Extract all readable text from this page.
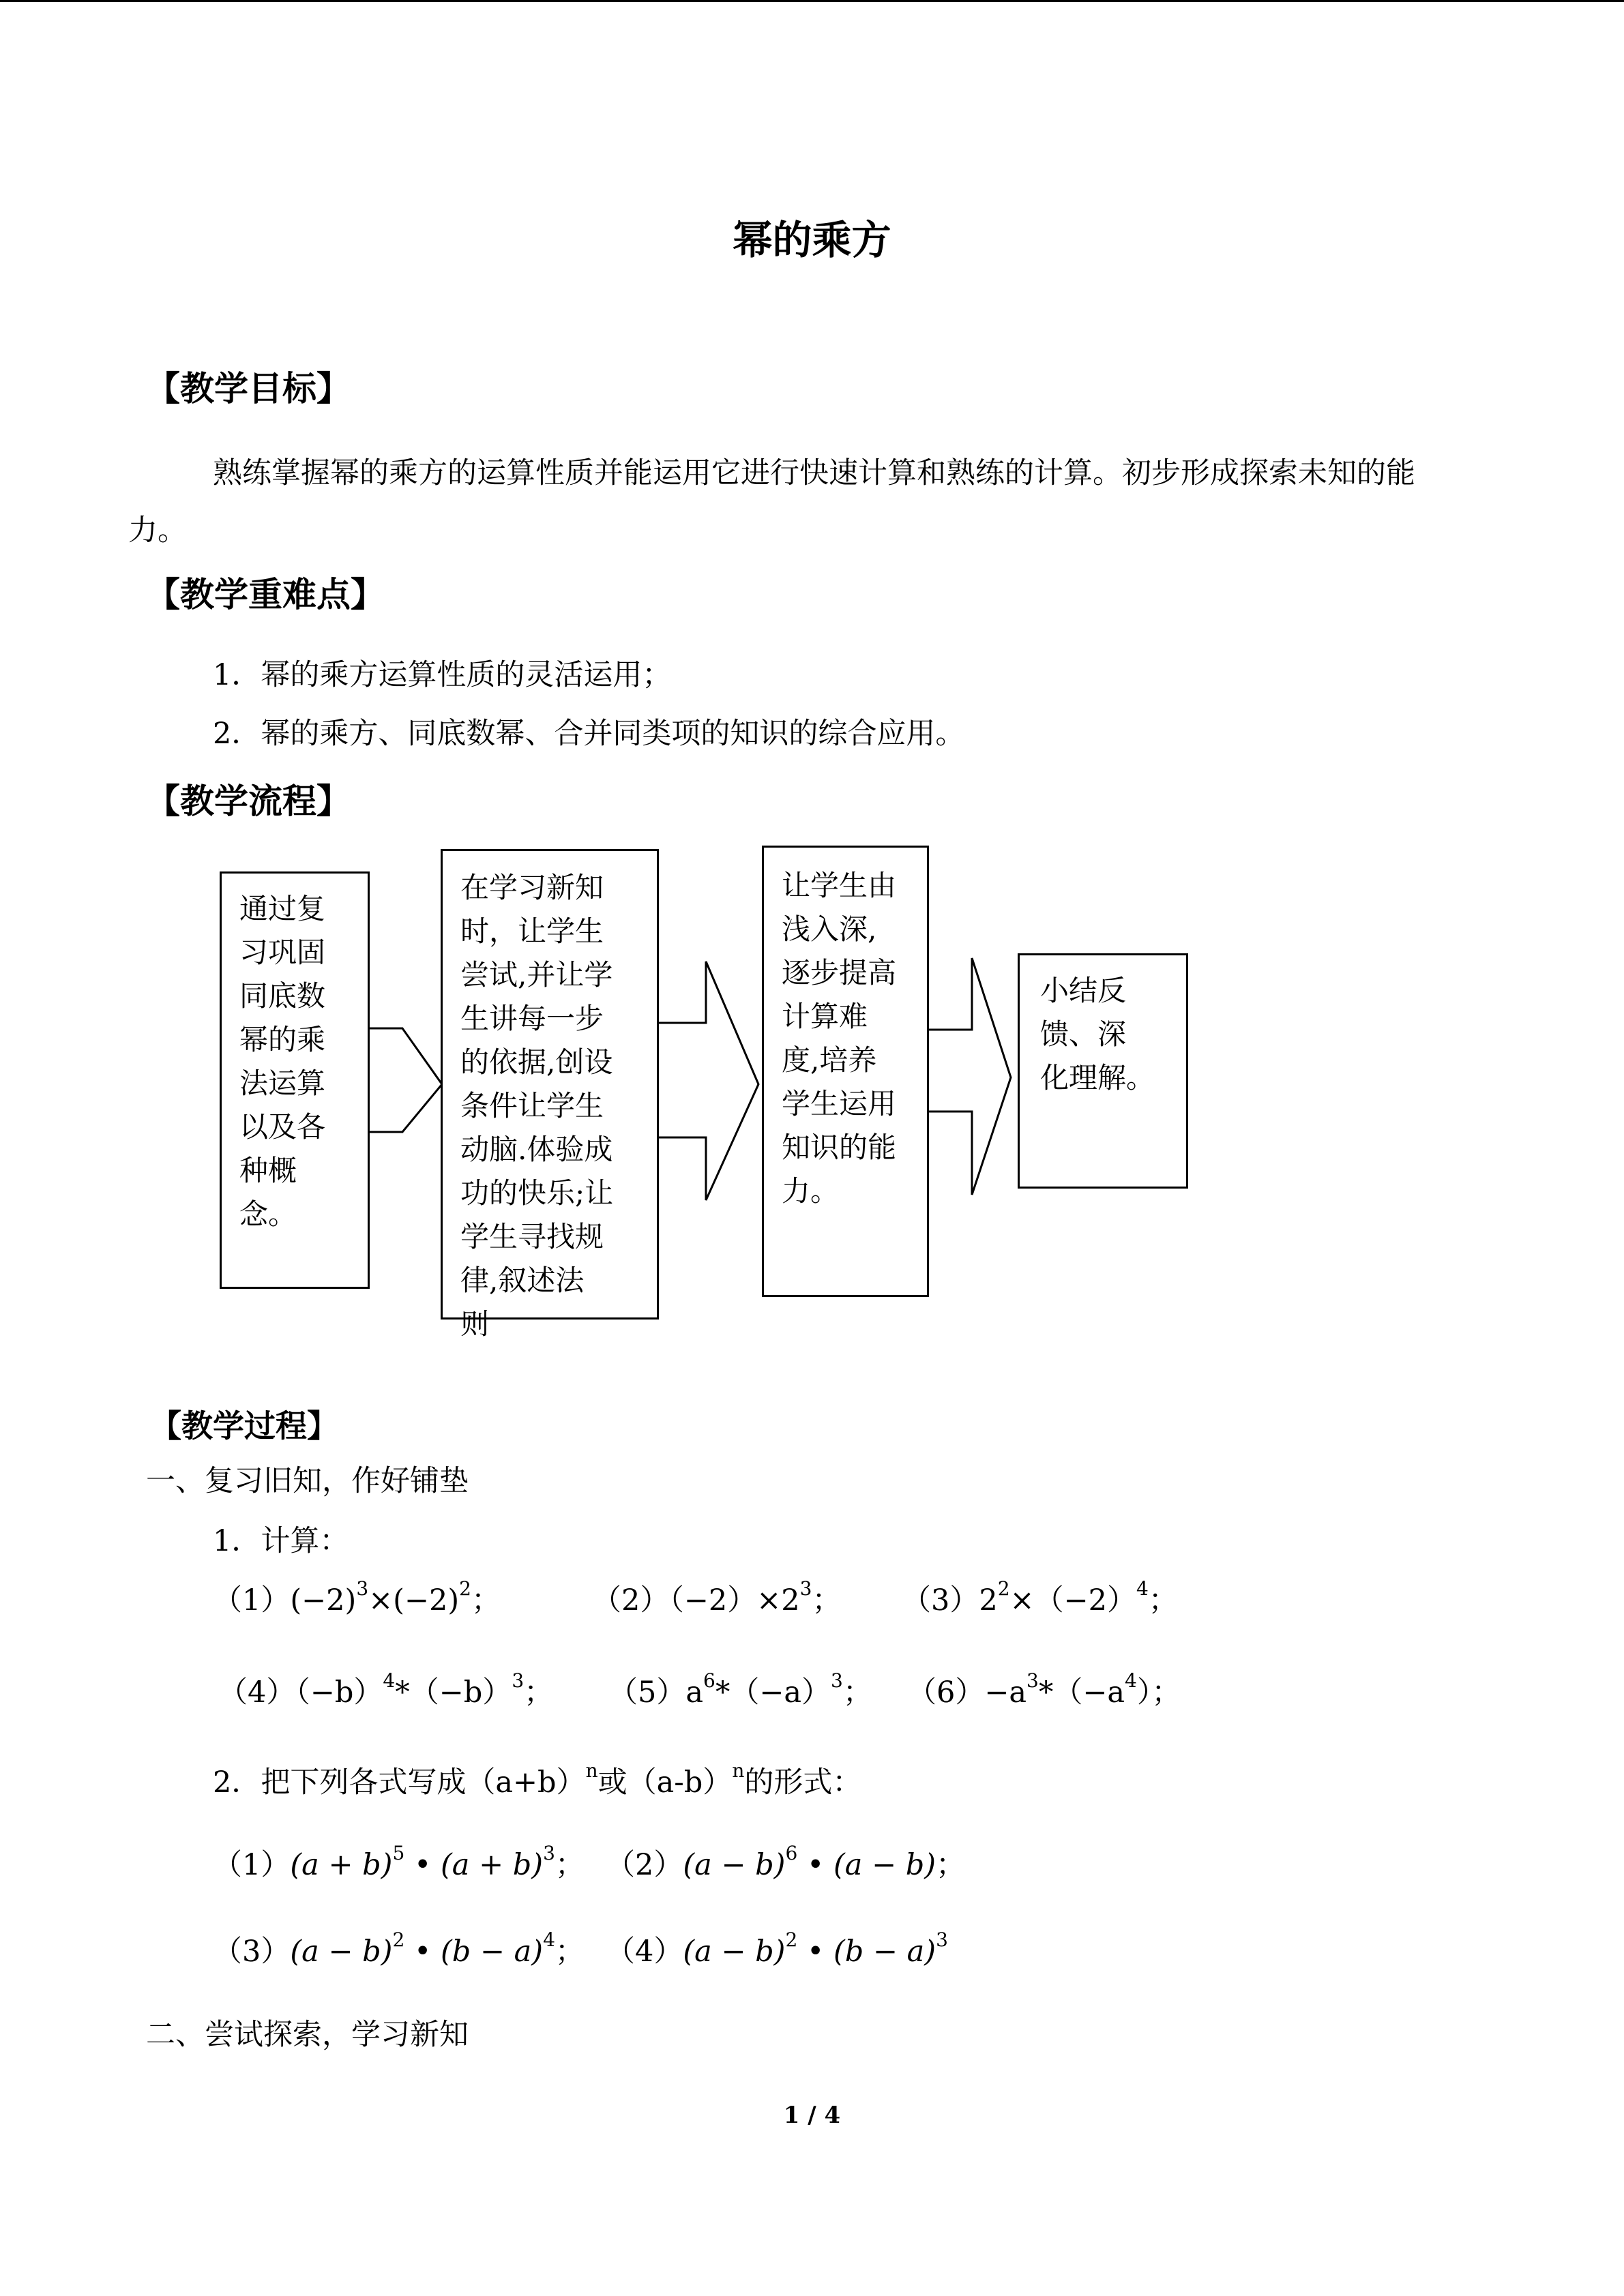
幂的乘方
【教学目标】
熟练掌握幂的乘方的运算性质并能运用它进行快速计算和熟练的计算。初步形成探索未知的能力。
【教学重难点】
1．幂的乘方运算性质的灵活运用；
2．幂的乘方、同底数幂、合并同类项的知识的综合应用。
【教学流程】
通过复
习巩固
同底数
幂的乘
法运算
以及各
种概
念。
在学习新知
时，让学生
尝试,并让学
生讲每一步
的依据,创设
条件让学生
动脑.体验成
功的快乐;让
学生寻找规
律,叙述法
则
让学生由
浅入深,
逐步提高
计算难
度,培养
学生运用
知识的能
力。
小结反
馈、深
化理解。
【教学过程】
一、复习旧知，作好铺垫
1．计算：
$(1)(-2)^3\times(-2)^2$；	$(2)(-2)\times 2^3$； $(3)2^2\times(-2)^4$；
$(4)(-b)^4*(-b)^3$； $(5)a^6*(-a)^3$； $(6)-a^3*(-a^4)$；
2．把下列各式写成$(a+b)^n$或$(a-b)^n$的形式：
$(1)(a + b)^5$ • $(a + b)^3$； $(2)(a - b)^6$ • (a − b)；
$(3)(a - b)^2$ • $(b - a)^4$； $(4)(a - b)^2$ • $(b - a)^3$
二、尝试探索，学习新知
1 / 4
